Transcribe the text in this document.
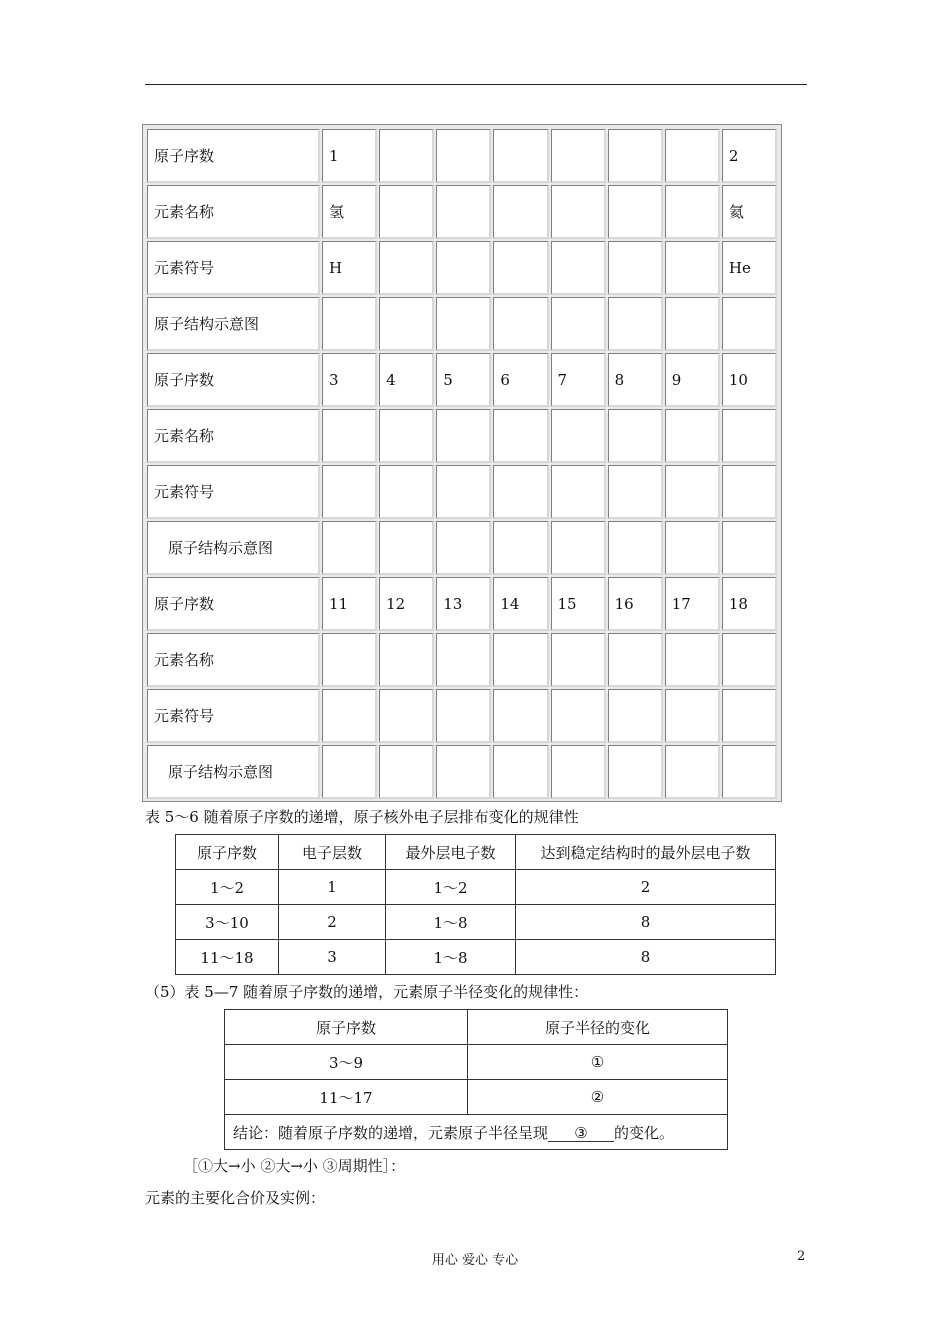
原子序数	1							2
元素名称	氢							氦
元素符号	H							He
原子结构示意图								
原子序数	3	4	5	6	7	8	9	10
元素名称								
元素符号								
原子结构示意图								
原子序数	11	12	13	14	15	16	17	18
元素名称								
元素符号								
原子结构示意图								
表 5～6 随着原子序数的递增，原子核外电子层排布变化的规律性
原子序数	电子层数	最外层电子数	达到稳定结构时的最外层电子数
1～2	1	1～2	2
3～10	2	1～8	8
11～18	3	1～8	8
（5）表 5—7 随着原子序数的递增，元素原子半径变化的规律性：
原子序数	原子半径的变化
3～9	①
11～17	②
结论：随着原子序数的递增，元素原子半径呈现 ③ 的变化。	
［①大→小 ②大→小 ③周期性］：
元素的主要化合价及实例：
用心 爱心 专心	2
